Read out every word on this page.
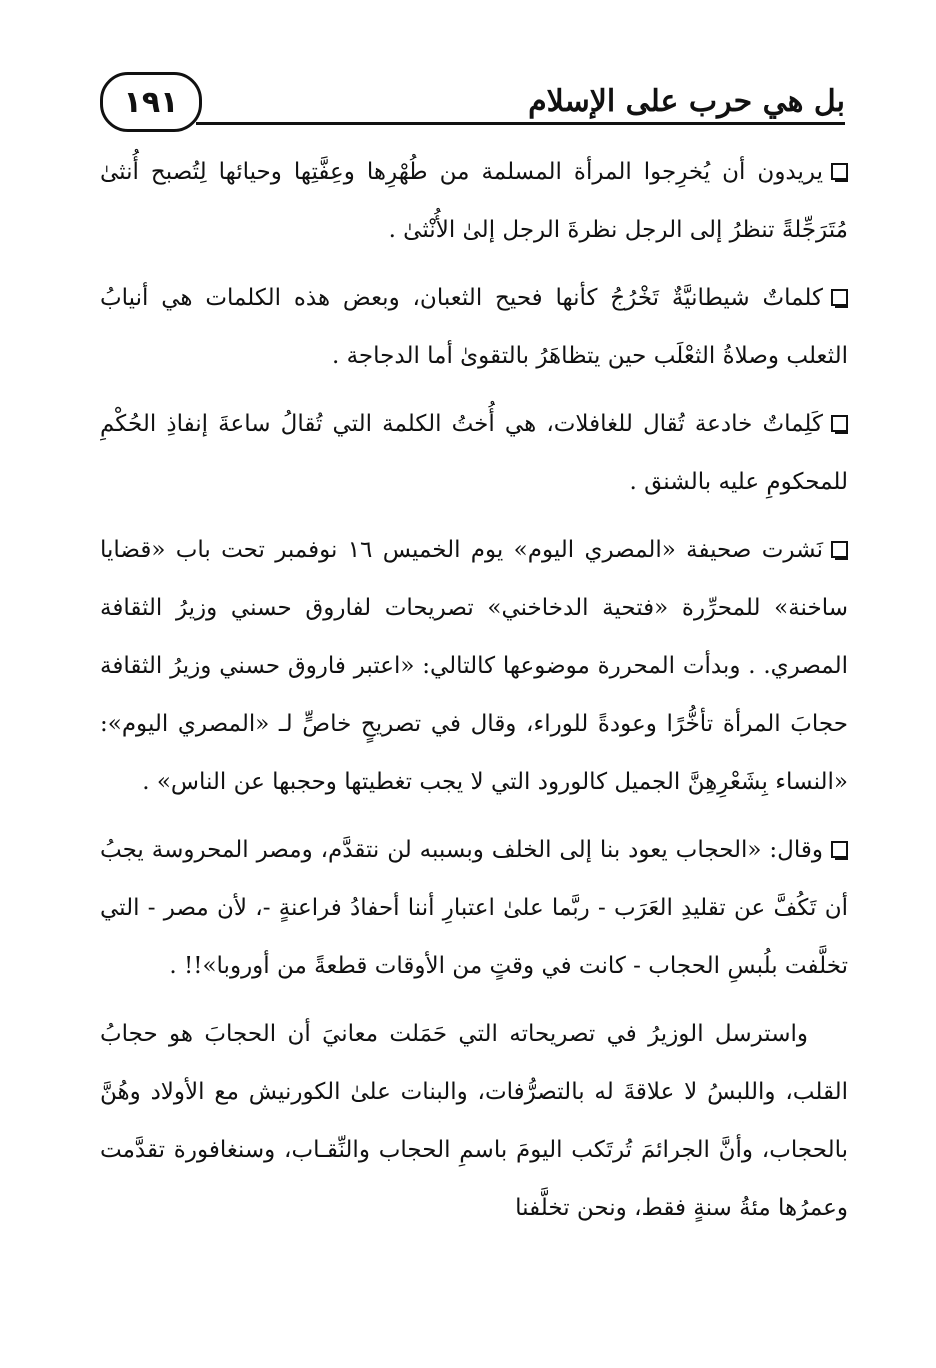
بل هي حرب على الإسلام
١٩١

يريدون أن يُخرِجوا المرأة المسلمة من طُهْرِها وعِفَّتِها وحيائها لِتُصبح أُنثىٰ مُتَرَجِّلةً تنظرُ إلى الرجل نظرةَ الرجل إلىٰ الأُنْثىٰ .

كلماتٌ شيطانيَّةٌ تَخْرُجُ كأنها فحيح الثعبان، وبعض هذه الكلمات هي أنيابُ الثعلب وصلاةُ الثعْلَب حين يتظاهَرُ بالتقوىٰ أما الدجاجة .

كَلِماتٌ خادعة تُقال للغافلات، هي أُختُ الكلمة التي تُقالُ ساعةَ إنفاذِ الحُكْمِ للمحكومِ عليه بالشنق .

نَشرت صحيفة «المصري اليوم» يوم الخميس ١٦ نوفمبر تحت باب «قضايا ساخنة» للمحرِّرة «فتحية الدخاخني» تصريحات لفاروق حسني وزيرُ الثقافة المصري. . وبدأت المحررة موضوعها كالتالي: «اعتبر فاروق حسني وزيرُ الثقافة حجابَ المرأة تأخُّرًا وعودةً للوراء، وقال في تصريحٍ خاصٍّ لـ «المصري اليوم»: «النساء بِشَعْرِهِنَّ الجميل كالورود التي لا يجب تغطيتها وحجبها عن الناس» .

وقال: «الحجاب يعود بنا إلى الخلف وبسببه لن نتقدَّم، ومصر المحروسة يجبُ أن تَكُفَّ عن تقليدِ العَرَب - ربَّما علىٰ اعتبارِ أننا أحفادُ فراعنةٍ -، لأن مصر - التي تخلَّفت بلُبسِ الحجاب - كانت في وقتٍ من الأوقات قطعةً من أوروبا»!! .

واسترسل الوزيرُ في تصريحاته التي حَمَلت معانيَ أن الحجابَ هو حجابُ القلب، واللبسُ لا علاقةَ له بالتصرُّفات، والبنات علىٰ الكورنيش مع الأولاد وهُنَّ بالحجاب، وأنَّ الجرائمَ تُرتَكب اليومَ باسمِ الحجاب والنِّقـاب، وسنغافورة تقدَّمت وعمرُها مئةُ سنةٍ فقط، ونحن تخلَّفنا
